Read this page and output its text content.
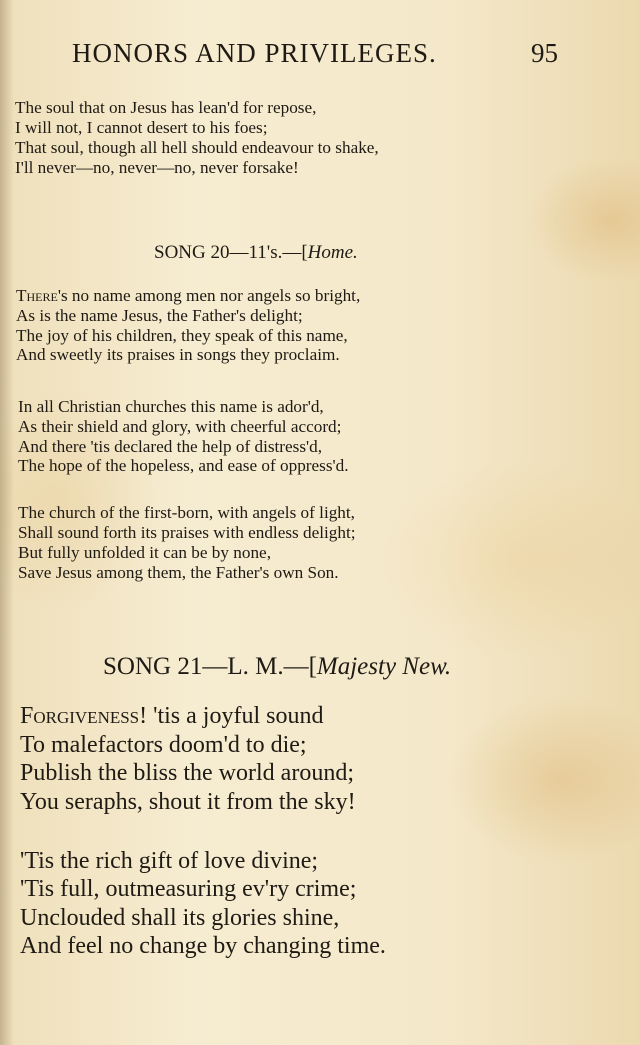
HONORS AND PRIVILEGES.	95
The soul that on Jesus has lean'd for repose,
I will not, I cannot desert to his foes;
That soul, though all hell should endeavour to shake,
I'll never—no, never—no, never forsake!
SONG 20—11's.—[Home.
There's no name among men nor angels so bright,
As is the name Jesus, the Father's delight;
The joy of his children, they speak of this name,
And sweetly its praises in songs they proclaim.
In all Christian churches this name is ador'd,
As their shield and glory, with cheerful accord;
And there 'tis declared the help of distress'd,
The hope of the hopeless, and ease of oppress'd.
The church of the first-born, with angels of light,
Shall sound forth its praises with endless delight;
But fully unfolded it can be by none,
Save Jesus among them, the Father's own Son.
SONG 21—L. M.—[Majesty New.
Forgiveness! 'tis a joyful sound
To malefactors doom'd to die;
Publish the bliss the world around;
You seraphs, shout it from the sky!
'Tis the rich gift of love divine;
'Tis full, outmeasuring ev'ry crime;
Unclouded shall its glories shine,
And feel no change by changing time.
